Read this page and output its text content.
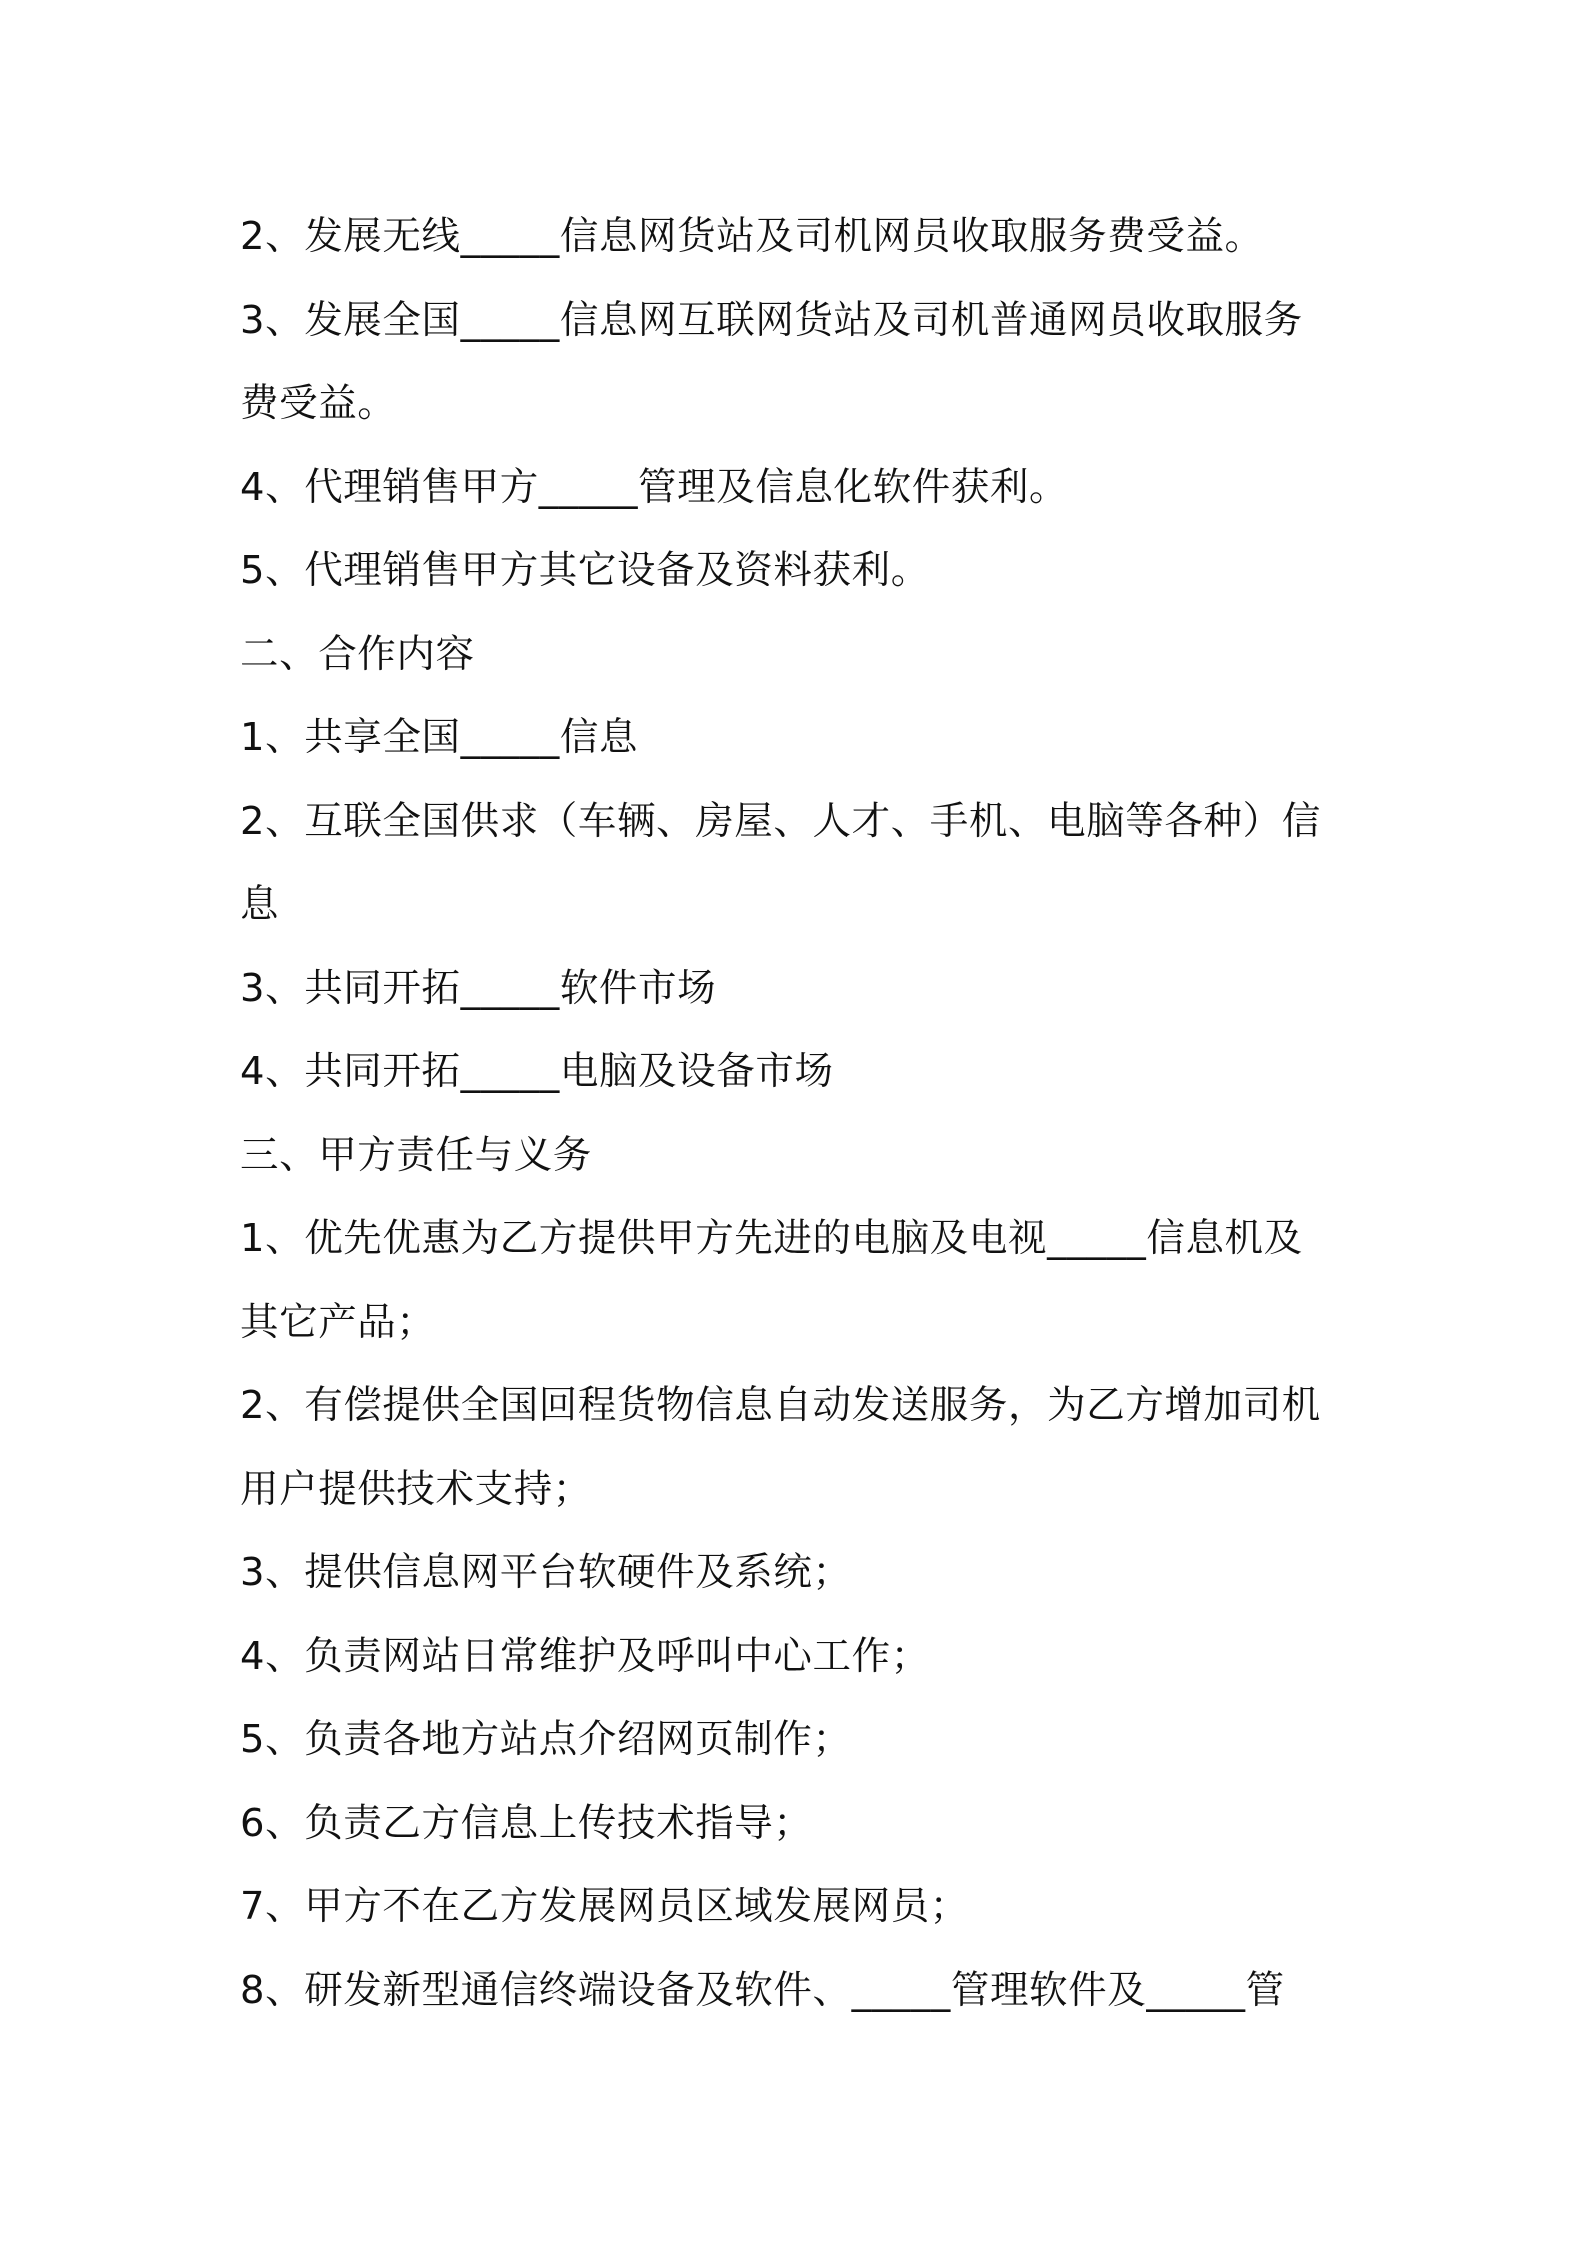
2、发展无线_____信息网货站及司机网员收取服务费受益。
3、发展全国_____信息网互联网货站及司机普通网员收取服务
费受益。
4、代理销售甲方_____管理及信息化软件获利。
5、代理销售甲方其它设备及资料获利。
二、合作内容
1、共享全国_____信息
2、互联全国供求（车辆、房屋、人才、手机、电脑等各种）信
息
3、共同开拓_____软件市场
4、共同开拓_____电脑及设备市场
三、甲方责任与义务
1、优先优惠为乙方提供甲方先进的电脑及电视_____信息机及
其它产品；
2、有偿提供全国回程货物信息自动发送服务，为乙方增加司机
用户提供技术支持；
3、提供信息网平台软硬件及系统；
4、负责网站日常维护及呼叫中心工作；
5、负责各地方站点介绍网页制作；
6、负责乙方信息上传技术指导；
7、甲方不在乙方发展网员区域发展网员；
8、研发新型通信终端设备及软件、_____管理软件及_____管
